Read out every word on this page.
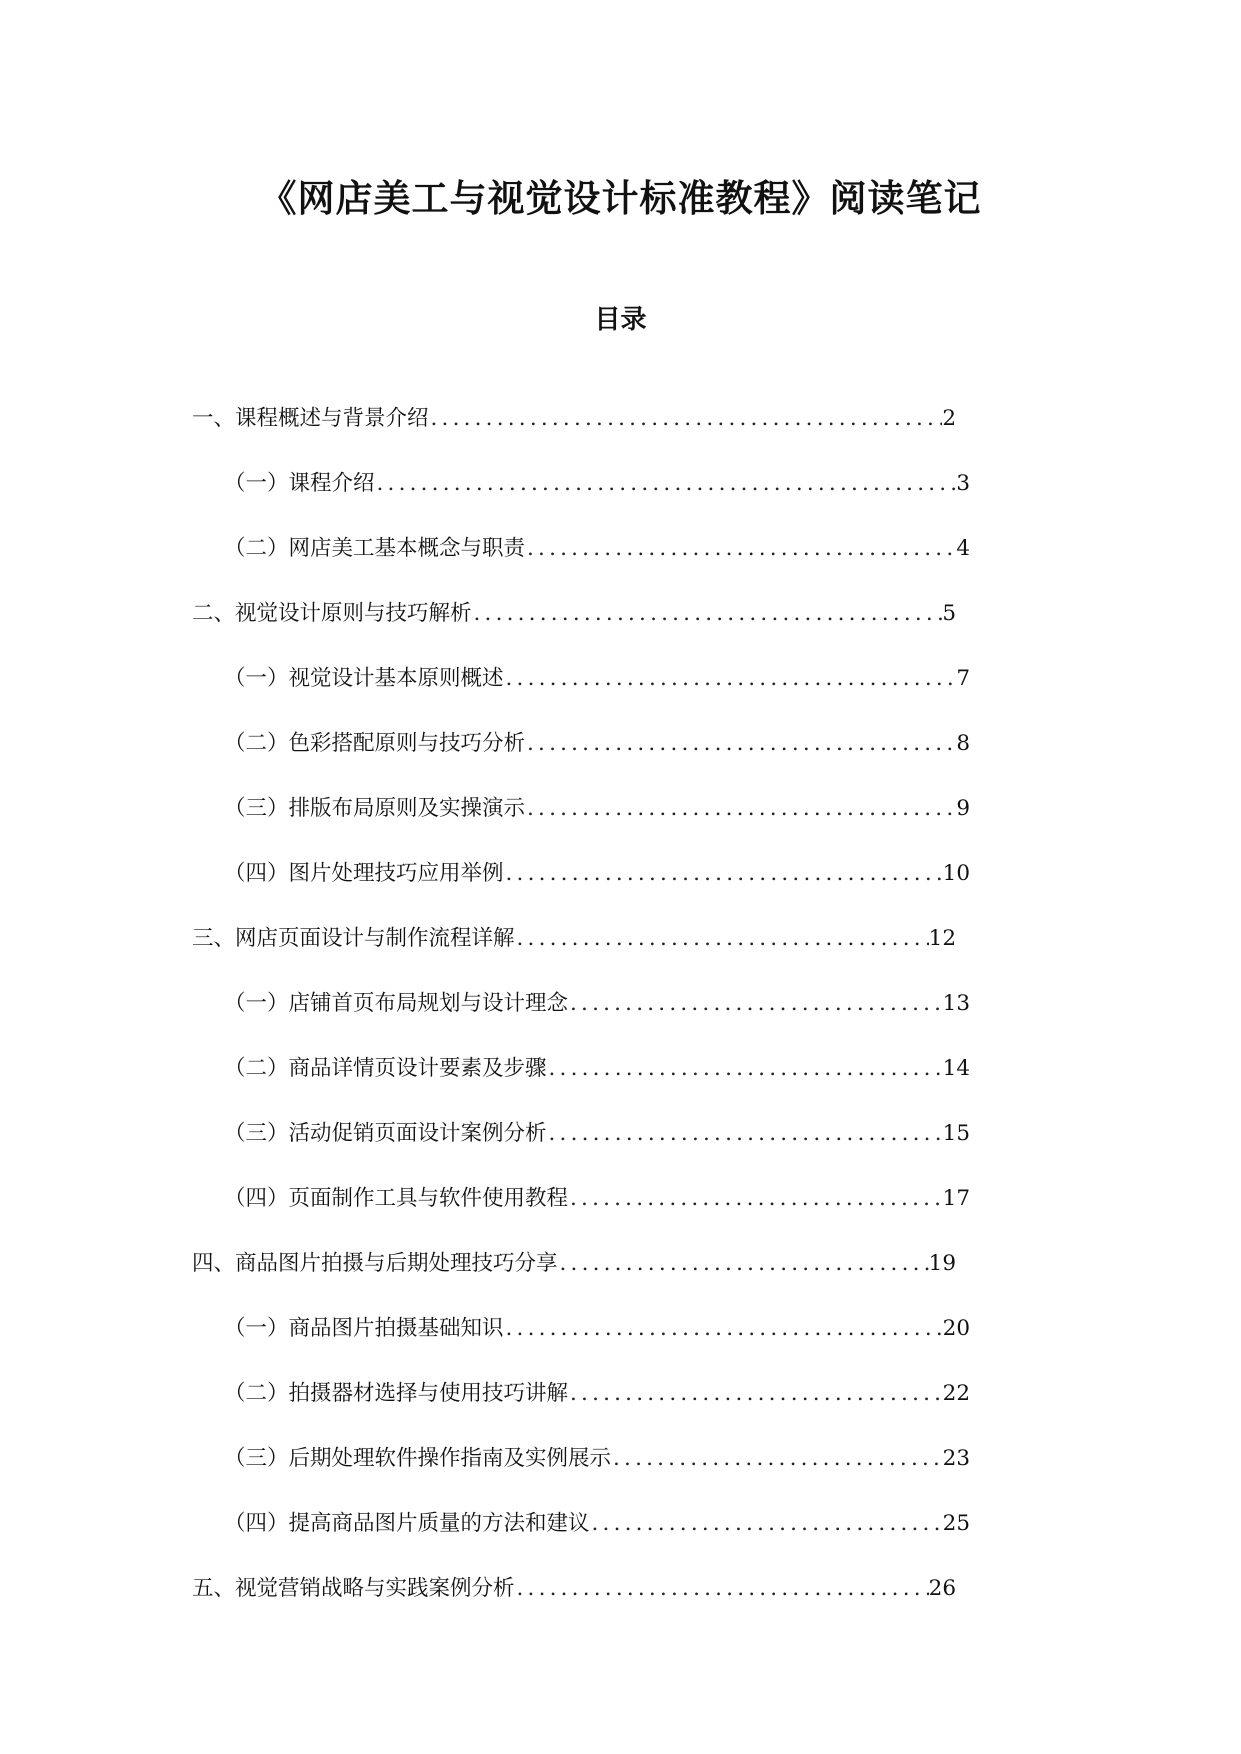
《网店美工与视觉设计标准教程》阅读笔记
目录
一、课程概述与背景介绍 .....	2
（一）课程介绍 .....	3
（二）网店美工基本概念与职责 .....	4
二、视觉设计原则与技巧解析 .....	5
（一）视觉设计基本原则概述 .....	7
（二）色彩搭配原则与技巧分析 .....	8
（三）排版布局原则及实操演示 .....	9
（四）图片处理技巧应用举例 .....	10
三、网店页面设计与制作流程详解 .....	12
（一）店铺首页布局规划与设计理念 .....	13
（二）商品详情页设计要素及步骤 .....	14
（三）活动促销页面设计案例分析 .....	15
（四）页面制作工具与软件使用教程 .....	17
四、商品图片拍摄与后期处理技巧分享 .....	19
（一）商品图片拍摄基础知识 .....	20
（二）拍摄器材选择与使用技巧讲解 .....	22
（三）后期处理软件操作指南及实例展示 .....	23
（四）提高商品图片质量的方法和建议 .....	25
五、视觉营销战略与实践案例分析 .....	26
